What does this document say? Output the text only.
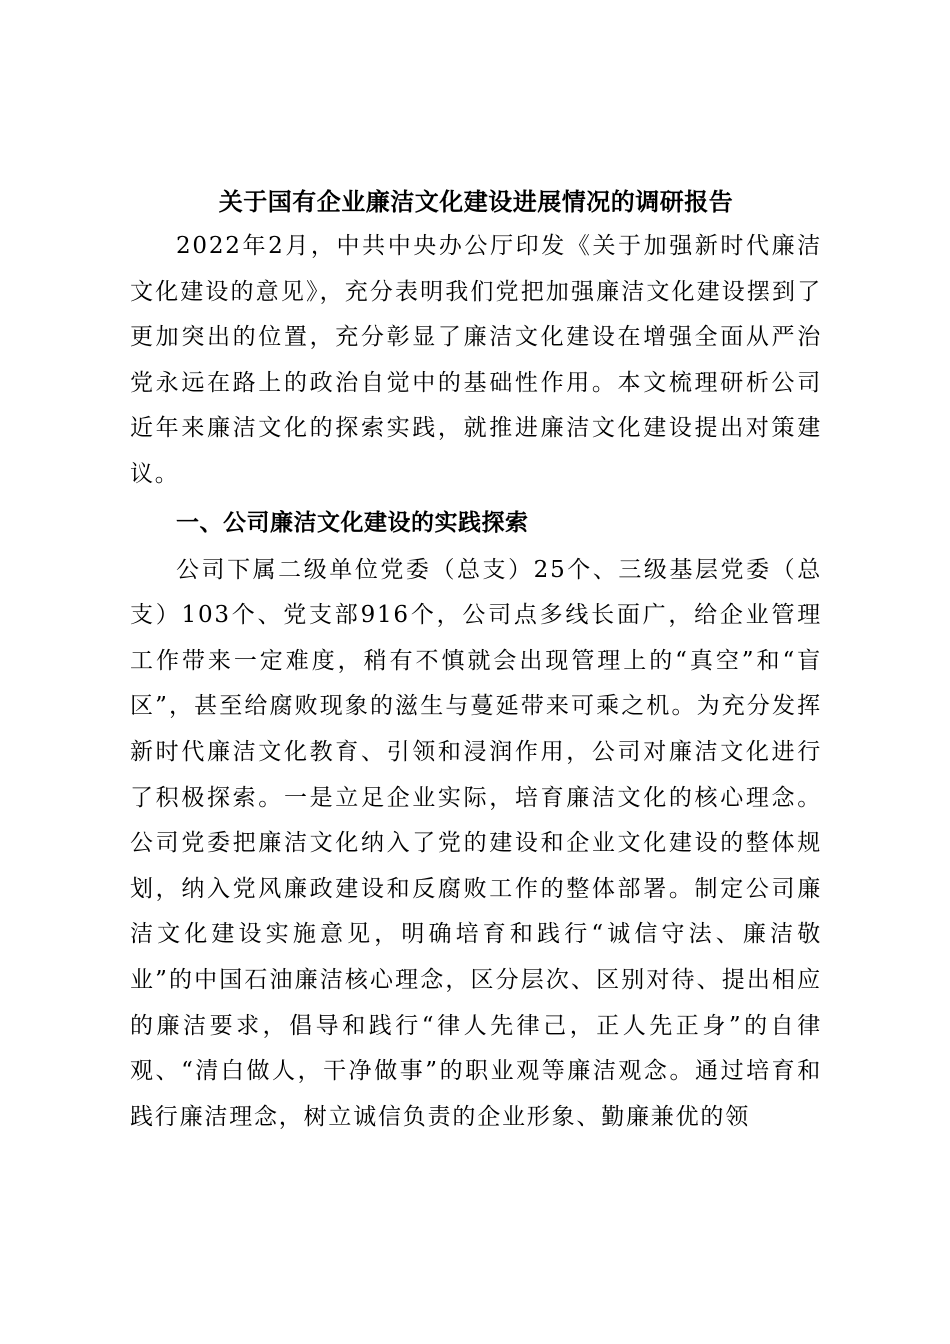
关于国有企业廉洁文化建设进展情况的调研报告

2022年2月，中共中央办公厅印发《关于加强新时代廉洁文化建设的意见》，充分表明我们党把加强廉洁文化建设摆到了更加突出的位置，充分彰显了廉洁文化建设在增强全面从严治党永远在路上的政治自觉中的基础性作用。本文梳理研析公司近年来廉洁文化的探索实践，就推进廉洁文化建设提出对策建议。

一、公司廉洁文化建设的实践探索

公司下属二级单位党委（总支）25个、三级基层党委（总支）103个、党支部916个，公司点多线长面广，给企业管理工作带来一定难度，稍有不慎就会出现管理上的“真空”和“盲区”，甚至给腐败现象的滋生与蔓延带来可乘之机。为充分发挥新时代廉洁文化教育、引领和浸润作用，公司对廉洁文化进行了积极探索。一是立足企业实际，培育廉洁文化的核心理念。公司党委把廉洁文化纳入了党的建设和企业文化建设的整体规划，纳入党风廉政建设和反腐败工作的整体部署。制定公司廉洁文化建设实施意见，明确培育和践行“诚信守法、廉洁敬业”的中国石油廉洁核心理念，区分层次、区别对待、提出相应的廉洁要求，倡导和践行“律人先律己，正人先正身”的自律观、“清白做人，干净做事”的职业观等廉洁观念。通过培育和践行廉洁理念，树立诚信负责的企业形象、勤廉兼优的领
